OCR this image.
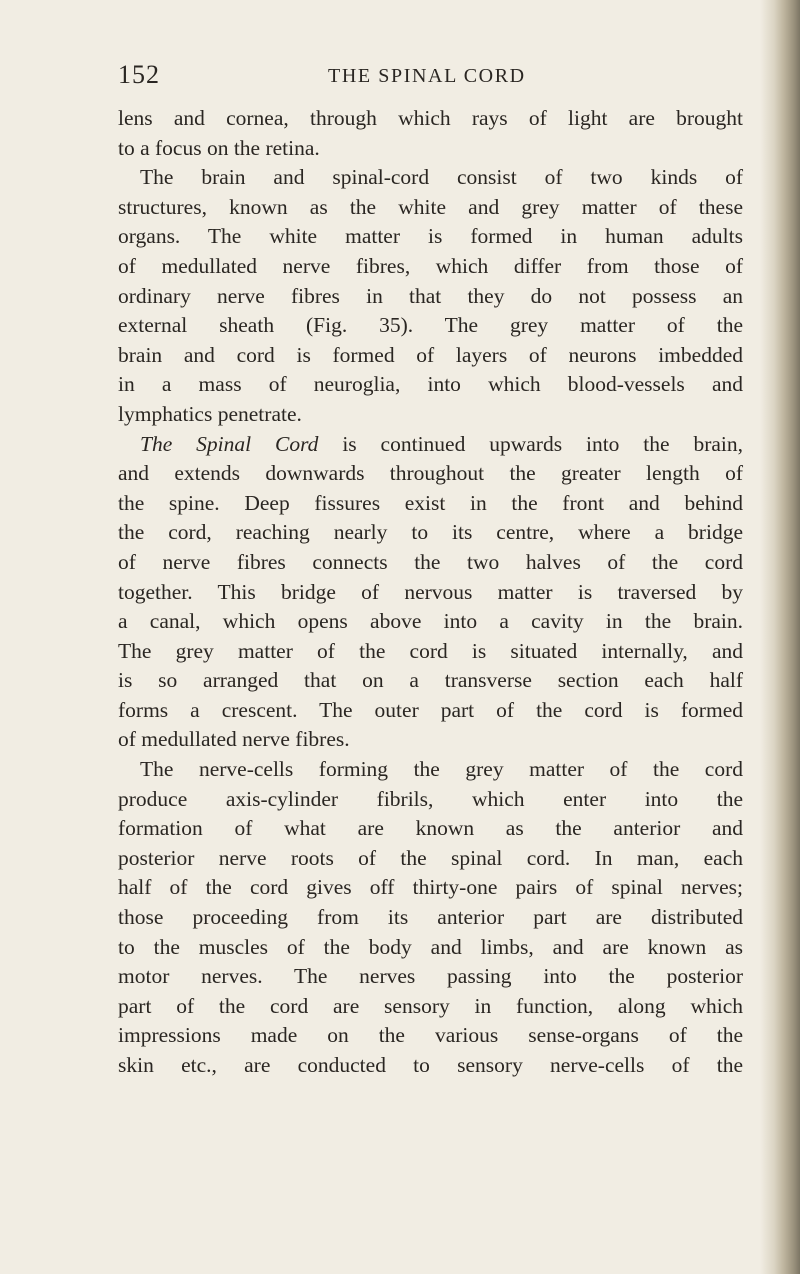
152	THE SPINAL CORD
lens and cornea, through which rays of light are brought
to a focus on the retina.
The brain and spinal-cord consist of two kinds of
structures, known as the white and grey matter of these
organs. The white matter is formed in human adults
of medullated nerve fibres, which differ from those of
ordinary nerve fibres in that they do not possess an
external sheath (Fig. 35). The grey matter of the
brain and cord is formed of layers of neurons imbedded
in a mass of neuroglia, into which blood-vessels and
lymphatics penetrate.
The Spinal Cord is continued upwards into the brain,
and extends downwards throughout the greater length of
the spine. Deep fissures exist in the front and behind
the cord, reaching nearly to its centre, where a bridge
of nerve fibres connects the two halves of the cord
together. This bridge of nervous matter is traversed by
a canal, which opens above into a cavity in the brain.
The grey matter of the cord is situated internally, and
is so arranged that on a transverse section each half
forms a crescent. The outer part of the cord is formed
of medullated nerve fibres.
The nerve-cells forming the grey matter of the cord
produce axis-cylinder fibrils, which enter into the
formation of what are known as the anterior and
posterior nerve roots of the spinal cord. In man, each
half of the cord gives off thirty-one pairs of spinal nerves;
those proceeding from its anterior part are distributed
to the muscles of the body and limbs, and are known as
motor nerves. The nerves passing into the posterior
part of the cord are sensory in function, along which
impressions made on the various sense-organs of the
skin etc., are conducted to sensory nerve-cells of the
